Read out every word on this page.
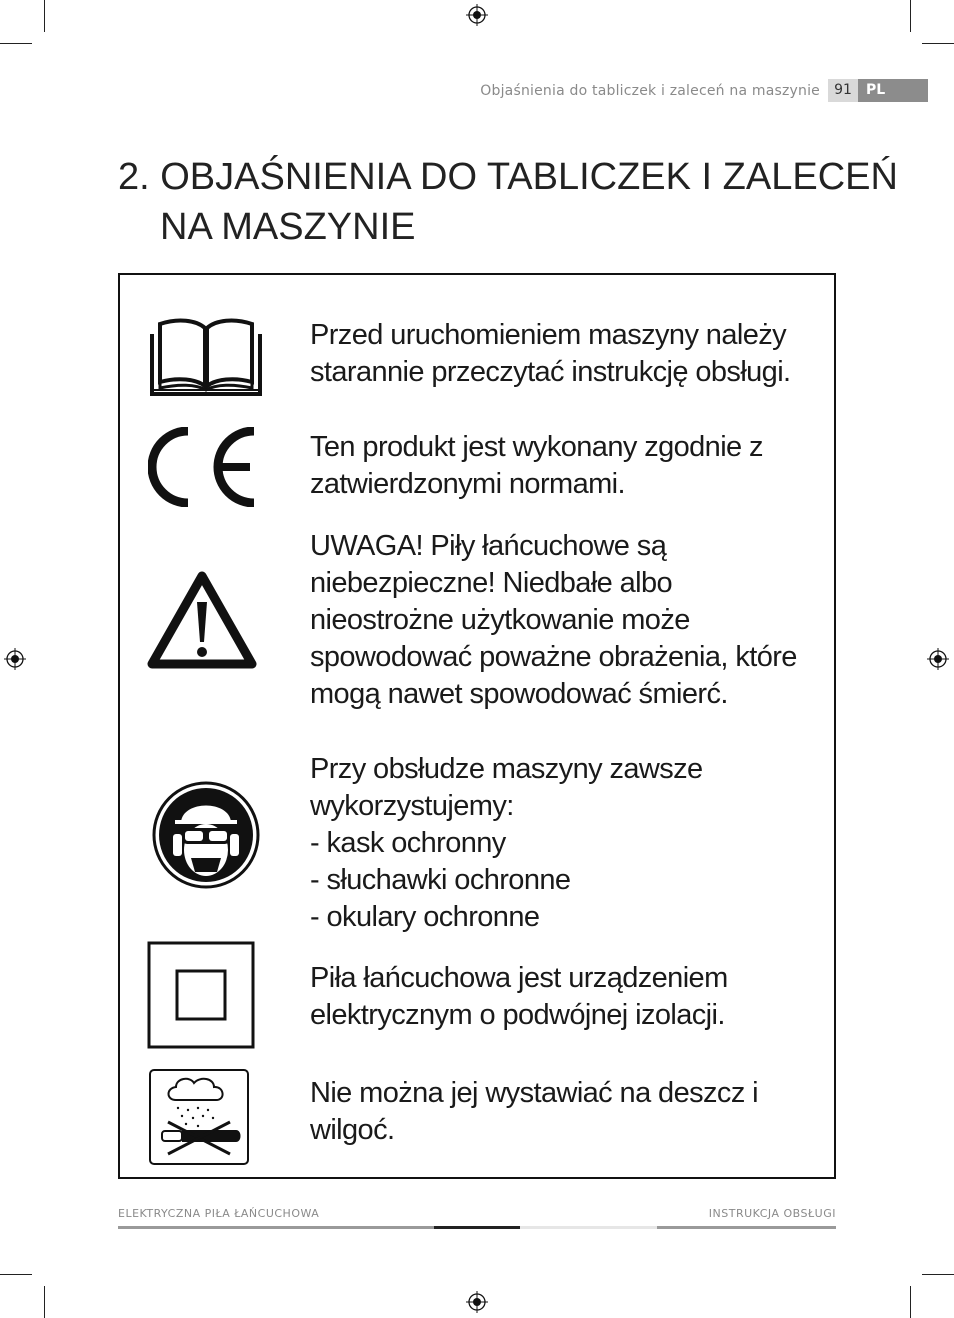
Objaśnienia do tabliczek i zaleceń na maszynie	91	PL
2. OBJAŚNIENIA DO TABLICZEK I ZALECEŃ
NA MASZYNIE
Przed uruchomieniem maszyny należy
starannie przeczytać instrukcję obsługi.
Ten produkt jest wykonany zgodnie z
zatwierdzonymi normami.
UWAGA! Piły łańcuchowe są
niebezpieczne! Niedbałe albo
nieostrożne użytkowanie może
spowodować poważne obrażenia, które
mogą nawet spowodować śmierć.
Przy obsłudze maszyny zawsze
wykorzystujemy:
- kask ochronny
- słuchawki ochronne
- okulary ochronne
Piła łańcuchowa jest urządzeniem
elektrycznym o podwójnej izolacji.
Nie można jej wystawiać na deszcz i
wilgoć.
ELEKTRYCZNA PIŁA ŁAŃCUCHOWA	INSTRUKCJA OBSŁUGI
